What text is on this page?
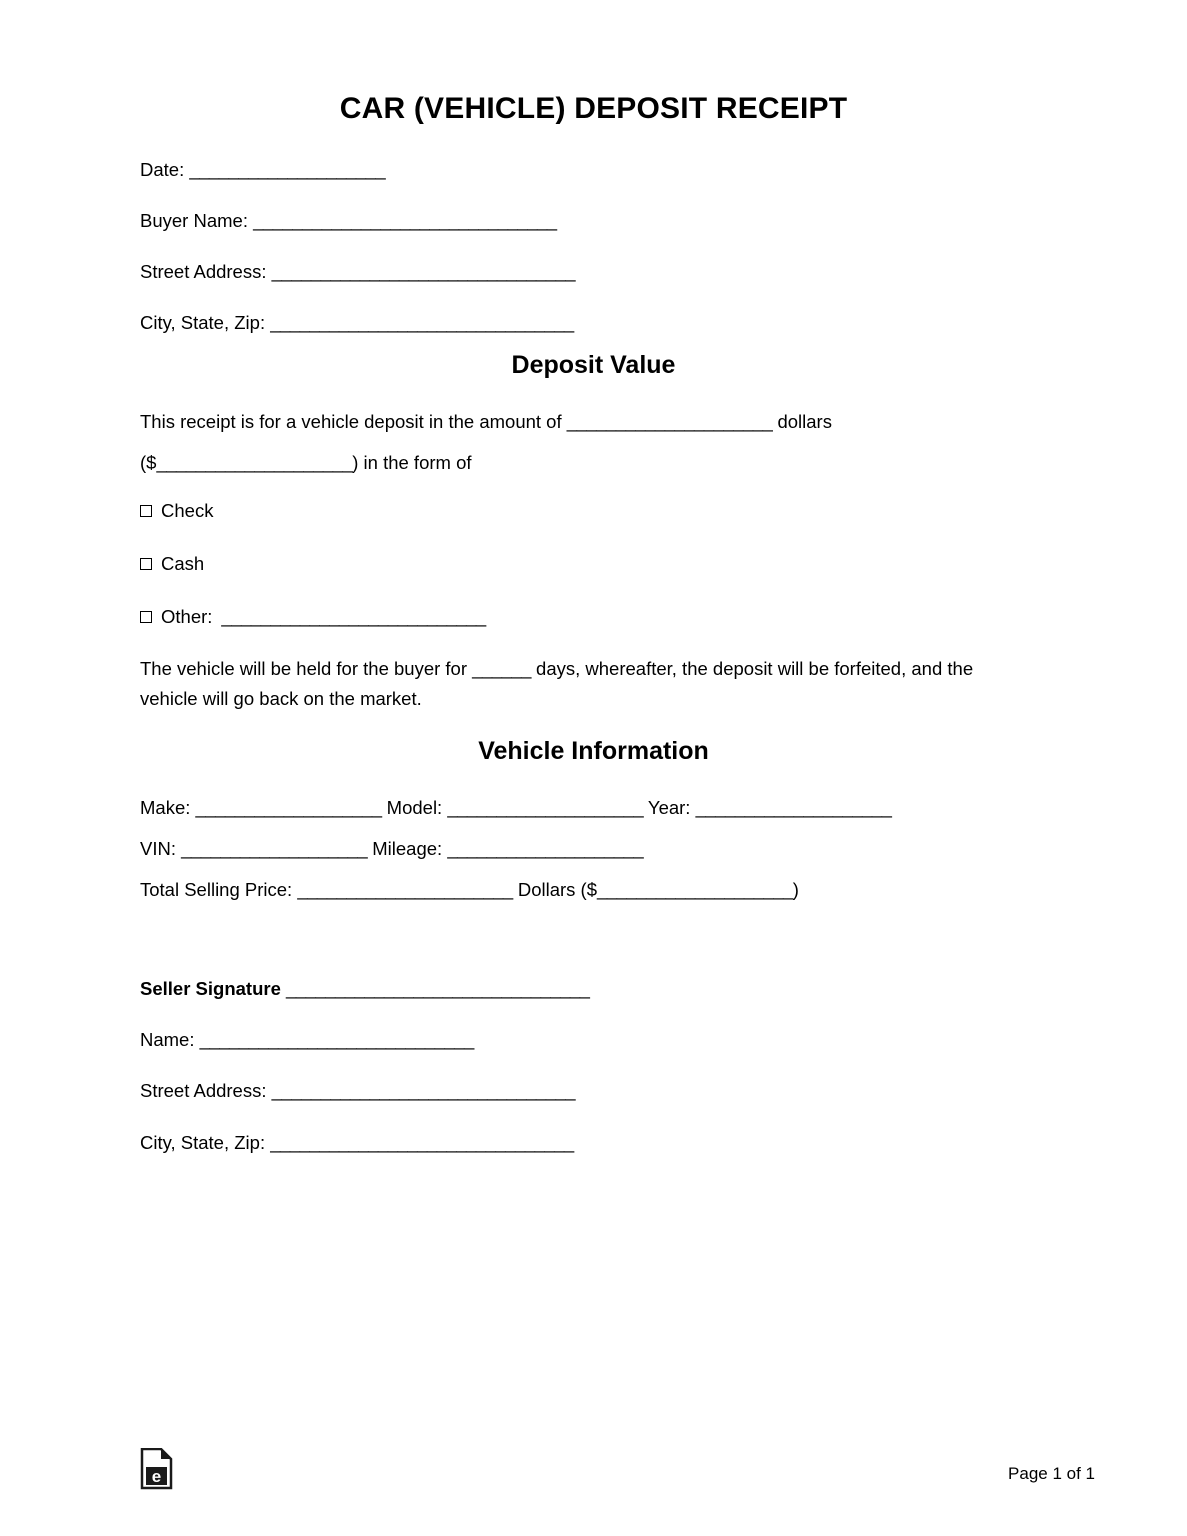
CAR (VEHICLE) DEPOSIT RECEIPT
Date: ____________________
Buyer Name: _______________________________
Street Address: _______________________________
City, State, Zip: _______________________________
Deposit Value
This receipt is for a vehicle deposit in the amount of _____________________ dollars
($____________________) in the form of
Check
Cash
Other: ___________________________
The vehicle will be held for the buyer for ______ days, whereafter, the deposit will be forfeited, and the vehicle will go back on the market.
Vehicle Information
Make: ___________________ Model: ____________________ Year: ____________________
VIN: ___________________ Mileage: ____________________
Total Selling Price: ______________________ Dollars ($____________________)
Seller Signature _______________________________
Name: ____________________________
Street Address: _______________________________
City, State, Zip: _______________________________
e	Page 1 of 1
